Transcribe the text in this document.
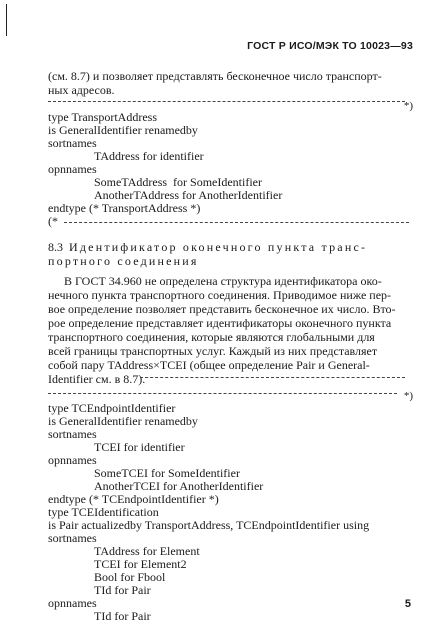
ГОСТ Р ИСО/МЭК ТО 10023—93
(см. 8.7) и позволяет представлять бесконечное число транспорт-
ных адресов.
*)
type TransportAddress
is GeneralIdentifier renamedby
sortnames
TAddress for identifier
opnnames
SomeTAddress  for SomeIdentifier
AnotherTAddress for AnotherIdentifier
endtype (* TransportAddress *)
(*
8.3 Идентификатор оконечного пункта транс-
портного соединения
В ГОСТ 34.960 не определена структура идентификатора око-
нечного пункта транспортного соединения. Приводимое ниже пер-
вое определение позволяет представить бесконечное их число. Вто-
рое определение представляет идентификаторы оконечного пункта
транспортного соединения, которые являются глобальными для
всей границы транспортных услуг. Каждый из них представляет
собой пару TAddress×TCEI (общее определение Pair и General-
Identifier см. в 8.7).
*)
type TCEndpointIdentifier
is GeneralIdentifier renamedby
sortnames
TCEI for identifier
opnnames
SomeTCEI for SomeIdentifier
AnotherTCEI for AnotherIdentifier
endtype (* TCEndpointIdentifier *)
type TCEIdentification
is Pair actualizedby TransportAddress, TCEndpointIdentifier using
sortnames
TAddress for Element
TCEI for Element2
Bool for Fbool
TId for Pair
opnnames
TId for Pair
5
